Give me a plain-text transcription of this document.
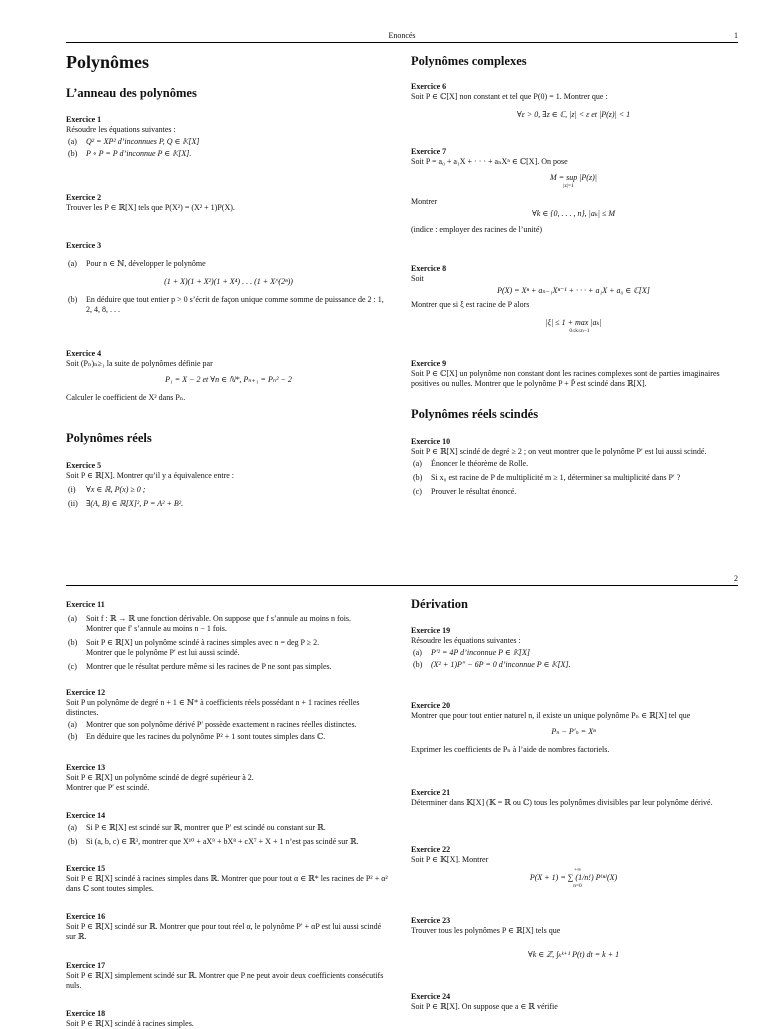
Enoncés	1
Polynômes
L’anneau des polynômes
Exercice 1

Résoudre les équations suivantes :

(a)	Q² = XP² d’inconnues P, Q ∈ 𝕂[X]
(b)	P ∘ P = P d’inconnue P ∈ 𝕂[X].
Exercice 2

Trouver les P ∈ ℝ[X] tels que P(X²) = (X² + 1)P(X).

Exercice 3
(a)	Pour n ∈ ℕ, développer le polynôme

(1 + X)(1 + X²)(1 + X⁴) . . . (1 + X^(2ⁿ))

(b)	En déduire que tout entier p > 0 s’écrit de façon unique comme somme de puissance de 2 : 1, 2, 4, 8, . . .
Exercice 4

Soit (Pₙ)ₙ≥₁ la suite de polynômes définie par

P₁ = X − 2 et ∀n ∈ ℕ*, Pₙ₊₁ = Pₙ² − 2

Calculer le coefficient de X² dans Pₙ.

Polynômes réels
Exercice 5

Soit P ∈ ℝ[X]. Montrer qu’il y a équivalence entre :

(i)	∀x ∈ ℝ, P(x) ≥ 0 ;
(ii)	∃(A, B) ∈ ℝ[X]², P = A² + B².
Polynômes complexes
Exercice 6

Soit P ∈ ℂ[X] non constant et tel que P(0) = 1. Montrer que :

∀ε > 0, ∃z ∈ ℂ, |z| < ε et |P(z)| < 1

Exercice 7

Soit P = a₀ + a₁X + · · · + aₙXⁿ ∈ ℂ[X]. On pose

M = sup |P(z)|

|z|=1

Montrer

∀k ∈ {0, . . . , n}, |aₖ| ≤ M

(indice : employer des racines de l’unité)

Exercice 8

Soit

P(X) = Xⁿ + aₙ₋₁Xⁿ⁻¹ + · · · + a₁X + a₀ ∈ ℂ[X]

Montrer que si ξ est racine de P alors

|ξ| ≤ 1 + max |aₖ|

0≤k≤n−1

Exercice 9

Soit P ∈ ℂ[X] un polynôme non constant dont les racines complexes sont de parties imaginaires positives ou nulles. Montrer que le polynôme P + P̄ est scindé dans ℝ[X].

Polynômes réels scindés
Exercice 10

Soit P ∈ ℝ[X] scindé de degré ≥ 2 ; on veut montrer que le polynôme P′ est lui aussi scindé.

(a)	Énoncer le théorème de Rolle.
(b)	Si x₀ est racine de P de multiplicité m ≥ 1, déterminer sa multiplicité dans P′ ?
(c)	Prouver le résultat énoncé.
2
Exercice 11
(a)	Soit f : ℝ → ℝ une fonction dérivable. On suppose que f s’annule au moins n fois.
Montrer que f′ s’annule au moins n − 1 fois.
(b)	Soit P ∈ ℝ[X] un polynôme scindé à racines simples avec n = deg P ≥ 2.
Montrer que le polynôme P′ est lui aussi scindé.
(c)	Montrer que le résultat perdure même si les racines de P ne sont pas simples.
Exercice 12

Soit P un polynôme de degré n + 1 ∈ ℕ* à coefficients réels possédant n + 1 racines réelles distinctes.

(a)	Montrer que son polynôme dérivé P′ possède exactement n racines réelles distinctes.
(b)	En déduire que les racines du polynôme P² + 1 sont toutes simples dans ℂ.
Exercice 13

Soit P ∈ ℝ[X] un polynôme scindé de degré supérieur à 2.

Montrer que P′ est scindé.

Exercice 14
(a)	Si P ∈ ℝ[X] est scindé sur ℝ, montrer que P′ est scindé ou constant sur ℝ.
(b)	Si (a, b, c) ∈ ℝ³, montrer que X¹⁰ + aX⁹ + bX⁸ + cX⁷ + X + 1 n’est pas scindé sur ℝ.
Exercice 15

Soit P ∈ ℝ[X] scindé à racines simples dans ℝ. Montrer que pour tout α ∈ ℝ* les racines de P² + α² dans ℂ sont toutes simples.

Exercice 16

Soit P ∈ ℝ[X] scindé sur ℝ. Montrer que pour tout réel α, le polynôme P′ + αP est lui aussi scindé sur ℝ.

Exercice 17

Soit P ∈ ℝ[X] simplement scindé sur ℝ. Montrer que P ne peut avoir deux coefficients consécutifs nuls.

Exercice 18

Soit P ∈ ℝ[X] scindé à racines simples.

Dérivation
Exercice 19

Résoudre les équations suivantes :

(a)	P′² = 4P d’inconnue P ∈ 𝕂[X]
(b)	(X² + 1)P″ − 6P = 0 d’inconnue P ∈ 𝕂[X].
Exercice 20

Montrer que pour tout entier naturel n, il existe un unique polynôme Pₙ ∈ ℝ[X] tel que

Pₙ − P′ₙ = Xⁿ

Exprimer les coefficients de Pₙ à l’aide de nombres factoriels.

Exercice 21

Déterminer dans 𝕂[X] (𝕂 = ℝ ou ℂ) tous les polynômes divisibles par leur polynôme dérivé.

Exercice 22

Soit P ∈ 𝕂[X]. Montrer

+∞

P(X + 1) = ∑ (1/n!) P⁽ⁿ⁾(X)

n=0

Exercice 23

Trouver tous les polynômes P ∈ ℝ[X] tels que

∀k ∈ ℤ, ∫ₖᵏ⁺¹ P(t) dt = k + 1

Exercice 24

Soit P ∈ ℝ[X]. On suppose que a ∈ ℝ vérifie
